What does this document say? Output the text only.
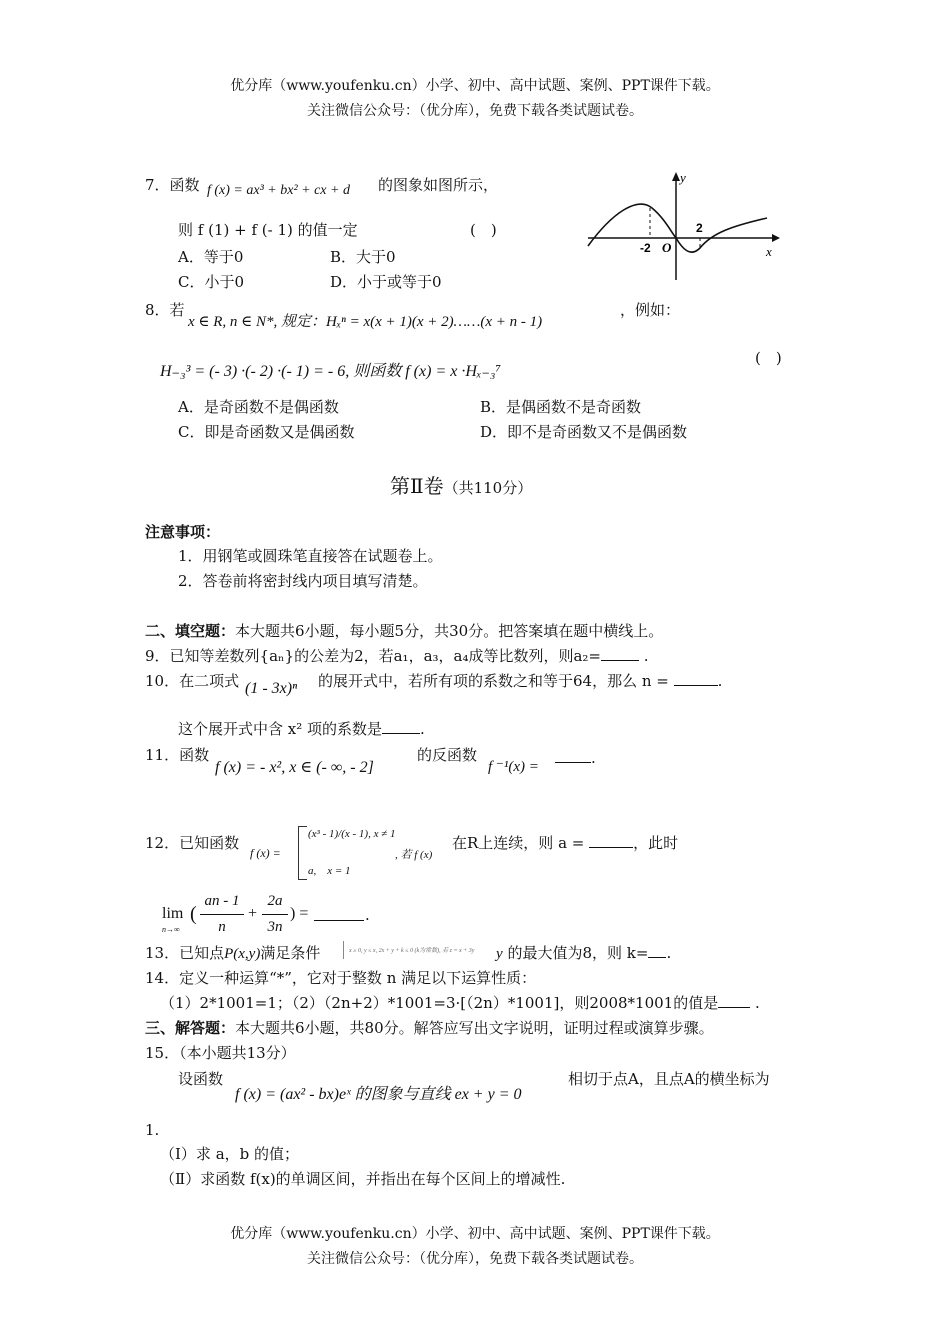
优分库（www.youfenku.cn）小学、初中、高中试题、案例、PPT课件下载。
关注微信公众号：（优分库），免费下载各类试题试卷。
7．函数 f (x) = ax³ + bx² + cx + d 的图象如图所示，
则 f (1) + f (- 1) 的值一定	(　)
A．等于0	B．大于0
C．小于0	D．小于或等于0
y
x
O
-2
2
8．若
x ∈ R, n ∈ N*, 规定：Hₓⁿ = x(x + 1)(x + 2)……(x + n - 1)
，例如：
H₋₃³ = (- 3) ·(- 2) ·(- 1) = - 6, 则函数 f (x) = x ·Hₓ₋₃⁷
(　)
A．是奇函数不是偶函数	B．是偶函数不是奇函数
C．即是奇函数又是偶函数	D．即不是奇函数又不是偶函数
第Ⅱ卷（共110分）
注意事项：
1．用钢笔或圆珠笔直接答在试题卷上。
2．答卷前将密封线内项目填写清楚。
二、填空题：本大题共6小题，每小题5分，共30分。把答案填在题中横线上。
9．已知等差数列{aₙ}的公差为2，若a₁，a₃，a₄成等比数列，则a₂=	.
10．在二项式 (1 - 3x)ⁿ 的展开式中，若所有项的系数之和等于64，那么 n =	.
这个展开式中含 x² 项的系数是	.
11．函数
f (x) = - x², x ∈ (- ∞, - 2]
的反函数
f ⁻¹(x) =	.
12．已知函数
f (x) =
(x³ - 1)/(x - 1), x ≠ 1
a,　x = 1
, 若 f (x)
在R上连续，则 a =	，此时
lim
n→∞
(
an - 1
n
+
2a
3n
) =	.
13．已知点P(x,y)满足条件	x ≥ 0, y ≤ x, 2x + y + k ≤ 0 (k为常数), 若 z = x + 3y y 的最大值为8，则 k= .
14．定义一种运算“*”，它对于整数 n 满足以下运算性质：
（1）2*1001=1；（2）（2n+2）*1001=3·[（2n）*1001]，则2008*1001的值是 .
三、解答题：本大题共6小题，共80分。解答应写出文字说明，证明过程或演算步骤。
15．（本小题共13分）
设函数
f (x) = (ax² - bx)eˣ 的图象与直线 ex + y = 0
相切于点A，且点A的横坐标为
1.
（Ⅰ）求 a，b 的值；
（Ⅱ）求函数 f(x)的单调区间，并指出在每个区间上的增减性.
优分库（www.youfenku.cn）小学、初中、高中试题、案例、PPT课件下载。
关注微信公众号：（优分库），免费下载各类试题试卷。
